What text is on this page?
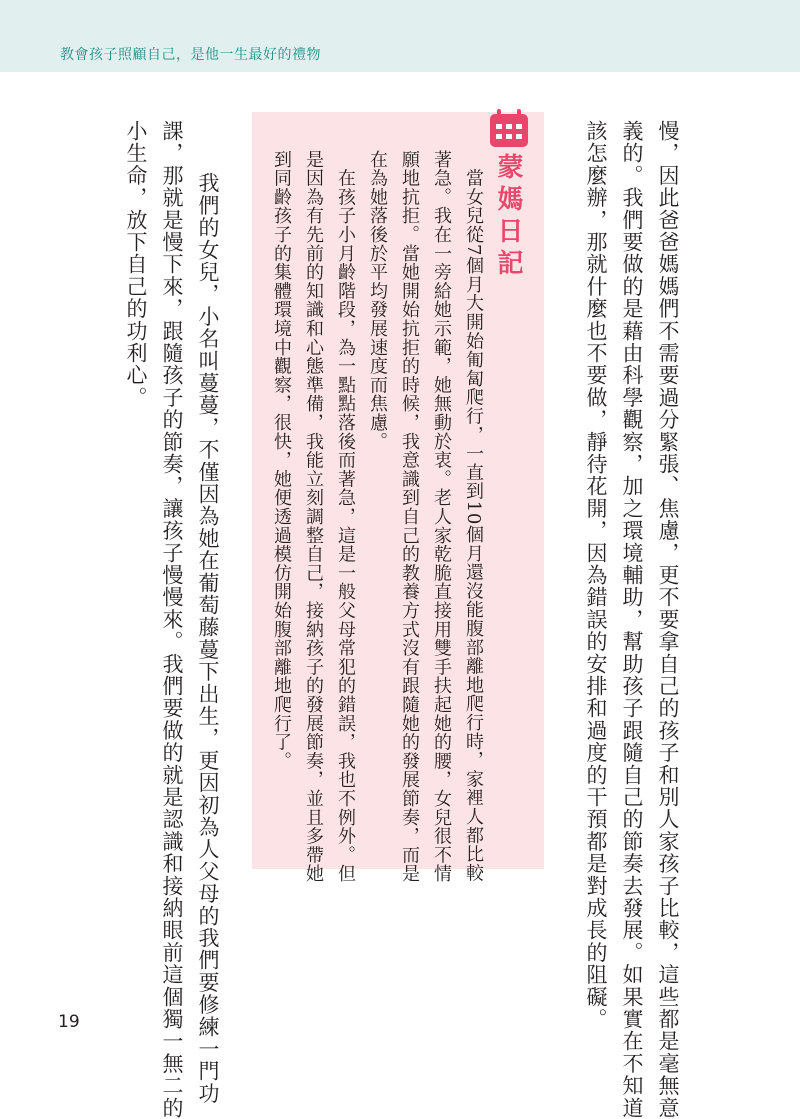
教會孩子照顧自己，是他一生最好的禮物
慢，因此爸爸媽媽們不需要過分緊張、焦慮，更不要拿自己的孩子和別人家孩子比較，這些都是毫無意
義的。我們要做的是藉由科學觀察，加之環境輔助，幫助孩子跟隨自己的節奏去發展。如果實在不知道
該怎麼辦，那就什麼也不要做，靜待花開，因為錯誤的安排和過度的干預都是對成長的阻礙。
蒙媽日記
　當女兒從7個月大開始匍匐爬行，一直到10個月還沒能腹部離地爬行時，家裡人都比較
著急。我在一旁給她示範，她無動於衷。老人家乾脆直接用雙手扶起她的腰，女兒很不情
願地抗拒。當她開始抗拒的時候，我意識到自己的教養方式沒有跟隨她的發展節奏，而是
在為她落後於平均發展速度而焦慮。
　在孩子小月齡階段，為一點點落後而著急，這是一般父母常犯的錯誤，我也不例外。但
是因為有先前的知識和心態準備，我能立刻調整自己，接納孩子的發展節奏，並且多帶她
到同齡孩子的集體環境中觀察，很快，她便透過模仿開始腹部離地爬行了。
　我們的女兒，小名叫蔓蔓，不僅因為她在葡萄藤蔓下出生，更因初為人父母的我們要修練一門功
課，那就是慢下來，跟隨孩子的節奏，讓孩子慢慢來。我們要做的就是認識和接納眼前這個獨一無二的
小生命，放下自己的功利心。
19
